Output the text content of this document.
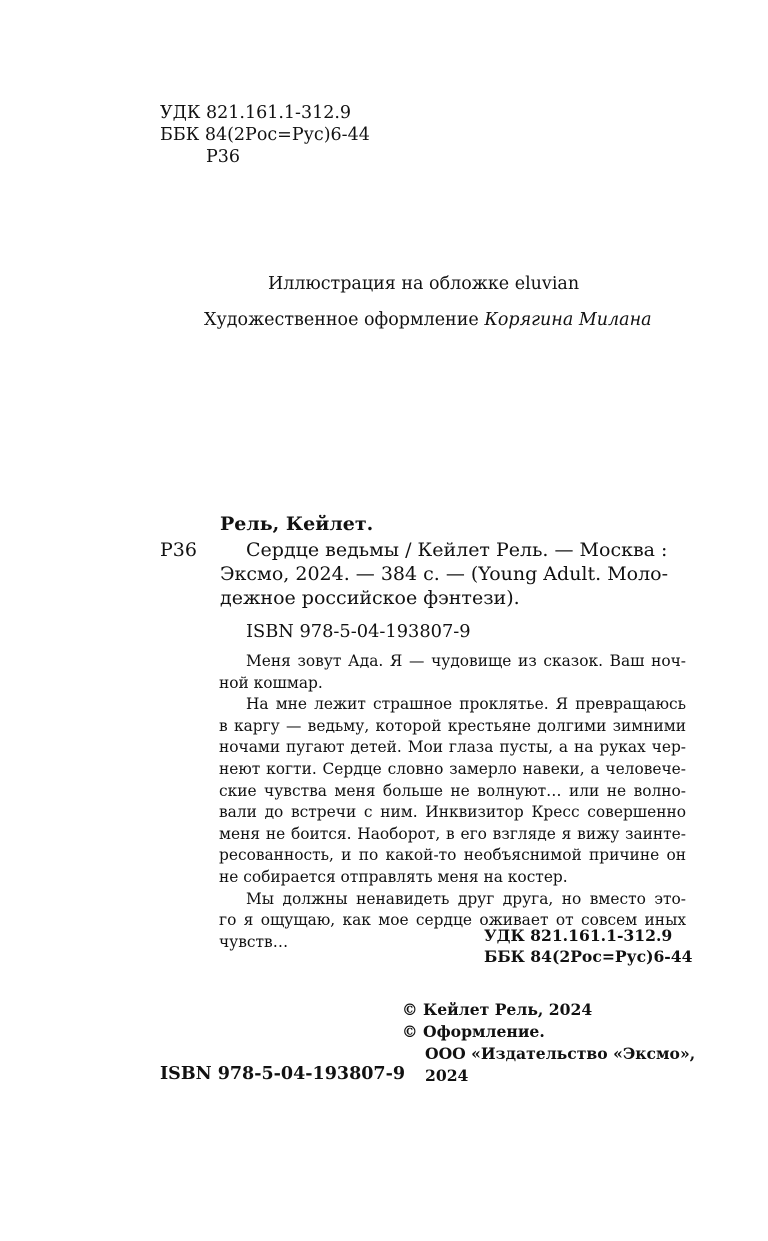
УДК 821.161.1-312.9
ББК 84(2Рос=Рус)6-44
Р36
Иллюстрация на обложке eluvian
Художественное оформление Корягина Милана
Рель, Кейлет.
Р36	Сердце ведьмы / Кейлет Рель. — Москва :
Эксмо, 2024. — 384 с. — (Young Adult. Моло-
дежное российское фэнтези).
ISBN 978-5-04-193807-9

Меня зовут Ада. Я — чудовище из сказок. Ваш ноч-

ной кошмар.

На мне лежит страшное проклятье. Я превращаюсь

в каргу — ведьму, которой крестьяне долгими зимними

ночами пугают детей. Мои глаза пусты, а на руках чер-

неют когти. Сердце словно замерло навеки, а человече-

ские чувства меня больше не волнуют… или не волно-

вали до встречи с ним. Инквизитор Кресс совершенно

меня не боится. Наоборот, в его взгляде я вижу заинте-

ресованность, и по какой-то необъяснимой причине он

не собирается отправлять меня на костер.

Мы должны ненавидеть друг друга, но вместо это-

го я ощущаю, как мое сердце оживает от совсем иных

чувств…	УДК 821.161.1-312.9
ББК 84(2Рос=Рус)6-44
© Кейлет Рель, 2024
© Оформление.
ООО «Издательство «Эксмо»,
2024
ISBN 978-5-04-193807-9
